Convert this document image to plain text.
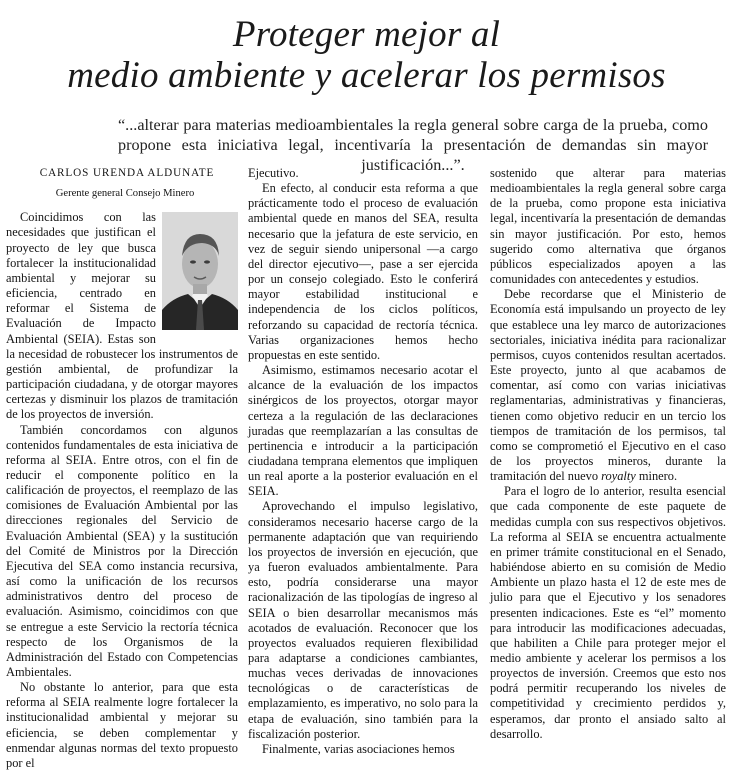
Proteger mejor al
medio ambiente y acelerar los permisos

“...alterar para materias medioambientales la regla general sobre carga de la prueba, como propone esta iniciativa legal, incentivaría la presentación de demandas sin mayor justificación...”.

CARLOS URENDA ALDUNATE
Gerente general Consejo Minero

Coincidimos con las necesidades que justifican el proyecto de ley que busca fortalecer la institucionalidad ambiental y mejorar su eficiencia, centrado en reformar el Sistema de Evaluación de Impacto Ambiental (SEIA). Estas son la necesidad de robustecer los instrumentos de gestión ambiental, de profundizar la participación ciudadana, y de otorgar mayores certezas y disminuir los plazos de tramitación de los proyectos de inversión.

También concordamos con algunos contenidos fundamentales de esta iniciativa de reforma al SEIA. Entre otros, con el fin de reducir el componente político en la calificación de proyectos, el reemplazo de las comisiones de Evaluación Ambiental por las direcciones regionales del Servicio de Evaluación Ambiental (SEA) y la sustitución del Comité de Ministros por la Dirección Ejecutiva del SEA como instancia recursiva, así como la unificación de los recursos administrativos dentro del proceso de evaluación. Asimismo, coincidimos con que se entregue a este Servicio la rectoría técnica respecto de los Organismos de la Administración del Estado con Competencias Ambientales.

No obstante lo anterior, para que esta reforma al SEIA realmente logre fortalecer la institucionalidad ambiental y mejorar su eficiencia, se deben complementar y enmendar algunas normas del texto propuesto por el

Ejecutivo.

En efecto, al conducir esta reforma a que prácticamente todo el proceso de evaluación ambiental quede en manos del SEA, resulta necesario que la jefatura de este servicio, en vez de seguir siendo unipersonal —a cargo del director ejecutivo—, pase a ser ejercida por un consejo colegiado. Esto le conferirá mayor estabilidad institucional e independencia de los ciclos políticos, reforzando su capacidad de rectoría técnica. Varias organizaciones hemos hecho propuestas en este sentido.

Asimismo, estimamos necesario acotar el alcance de la evaluación de los impactos sinérgicos de los proyectos, otorgar mayor certeza a la regulación de las declaraciones juradas que reemplazarían a las consultas de pertinencia e introducir a la participación ciudadana temprana elementos que impliquen un real aporte a la posterior evaluación en el SEIA.

Aprovechando el impulso legislativo, consideramos necesario hacerse cargo de la permanente adaptación que van requiriendo los proyectos de inversión en ejecución, que ya fueron evaluados ambientalmente. Para esto, podría considerarse una mayor racionalización de las tipologías de ingreso al SEIA o bien desarrollar mecanismos más acotados de evaluación. Reconocer que los proyectos evaluados requieren flexibilidad para adaptarse a condiciones cambiantes, muchas veces derivadas de innovaciones tecnológicas o de características de emplazamiento, es imperativo, no solo para la etapa de evaluación, sino también para la fiscalización posterior.

Finalmente, varias asociaciones hemos

sostenido que alterar para materias medioambientales la regla general sobre carga de la prueba, como propone esta iniciativa legal, incentivaría la presentación de demandas sin mayor justificación. Por esto, hemos sugerido como alternativa que órganos públicos especializados apoyen a las comunidades con antecedentes y estudios.

Debe recordarse que el Ministerio de Economía está impulsando un proyecto de ley que establece una ley marco de autorizaciones sectoriales, iniciativa inédita para racionalizar permisos, cuyos contenidos resultan acertados. Este proyecto, junto al que acabamos de comentar, así como con varias iniciativas reglamentarias, administrativas y financieras, tienen como objetivo reducir en un tercio los tiempos de tramitación de los permisos, tal como se comprometió el Ejecutivo en el caso de los proyectos mineros, durante la tramitación del nuevo royalty minero.

Para el logro de lo anterior, resulta esencial que cada componente de este paquete de medidas cumpla con sus respectivos objetivos. La reforma al SEIA se encuentra actualmente en primer trámite constitucional en el Senado, habiéndose abierto en su comisión de Medio Ambiente un plazo hasta el 12 de este mes de julio para que el Ejecutivo y los senadores presenten indicaciones. Este es “el” momento para introducir las modificaciones adecuadas, que habiliten a Chile para proteger mejor el medio ambiente y acelerar los permisos a los proyectos de inversión. Creemos que esto nos podrá permitir recuperando los niveles de competitividad y crecimiento perdidos y, esperamos, dar pronto el ansiado salto al desarrollo.
